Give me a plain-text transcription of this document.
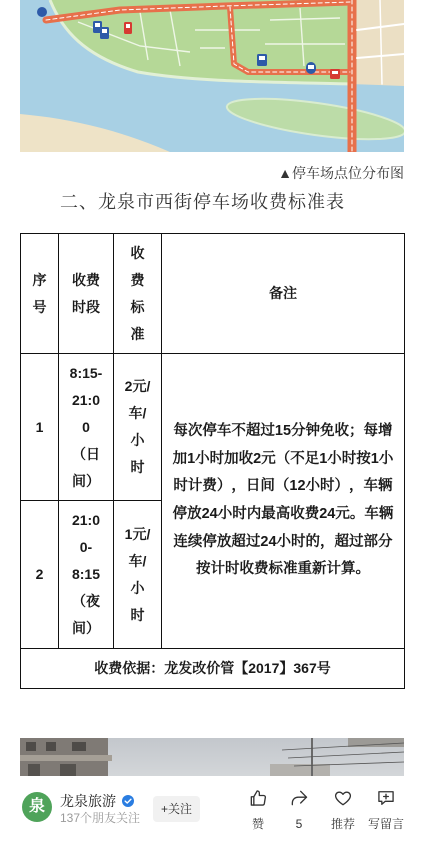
▲停车场点位分布图
二、龙泉市西街停车场收费标准表
序号	收费时段	收费标准	备注

1	8:15-21:00（日间）	2元/车/小时	每次停车不超过15分钟免收；每增加1小时加收2元（不足1小时按1小时计费），日间（12小时），车辆停放24小时内最高收费24元。车辆连续停放超过24小时的，超过部分按计时收费标准重新计算。

2	21:00-8:15（夜间）	1元/车/小时	

收费依据：龙发改价管【2017】367号			
泉	龙泉旅游
137个朋友关注
+关注
赞	5	推荐	写留言
